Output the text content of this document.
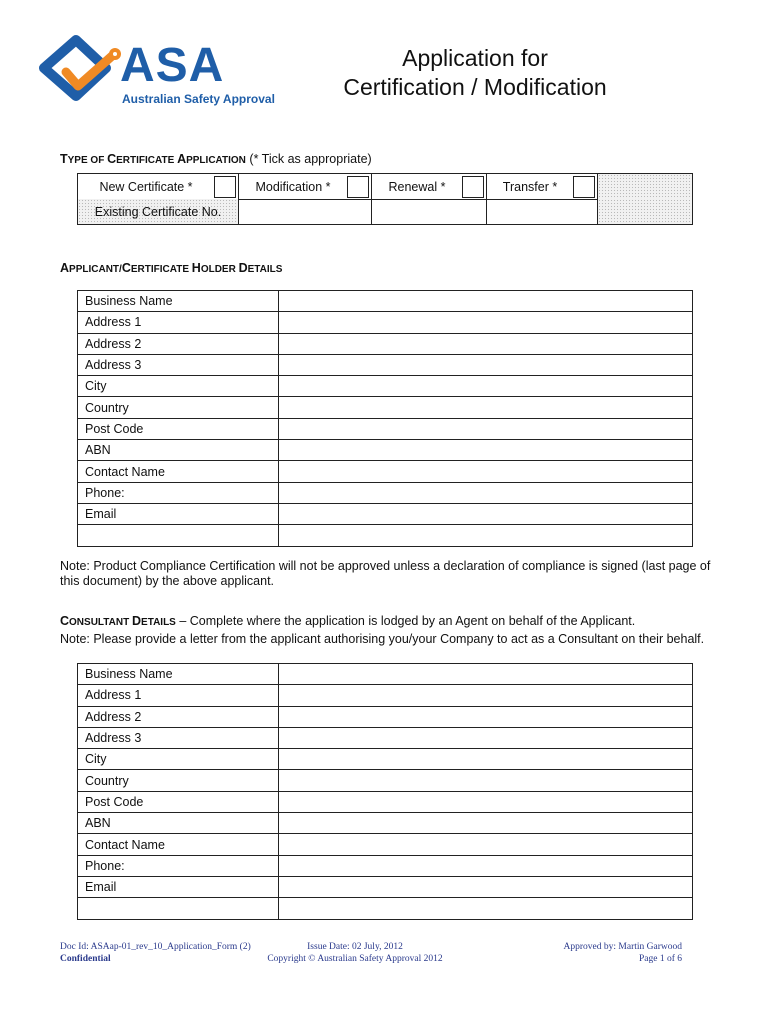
ASA
Australian Safety Approval
Application for
Certification / Modification
TYPE OF CERTIFICATE APPLICATION (* Tick as appropriate)
New Certificate *	Modification *	Renewal *	Transfer *
Existing Certificate No.
APPLICANT/CERTIFICATE HOLDER DETAILS
Business Name
Address 1
Address 2
Address 3
City
Country
Post Code
ABN
Contact Name
Phone:
Email
Note: Product Compliance Certification will not be approved unless a declaration of compliance is signed (last page of this document) by the above applicant.
CONSULTANT DETAILS – Complete where the application is lodged by an Agent on behalf of the Applicant.
Note: Please provide a letter from the applicant authorising you/your Company to act as a Consultant on their behalf.
Business Name
Address 1
Address 2
Address 3
City
Country
Post Code
ABN
Contact Name
Phone:
Email
Doc Id: ASAap-01_rev_10_Application_Form (2)
Confidential
Issue Date: 02 July, 2012
Copyright © Australian Safety Approval 2012
Approved by: Martin Garwood
Page 1 of 6
